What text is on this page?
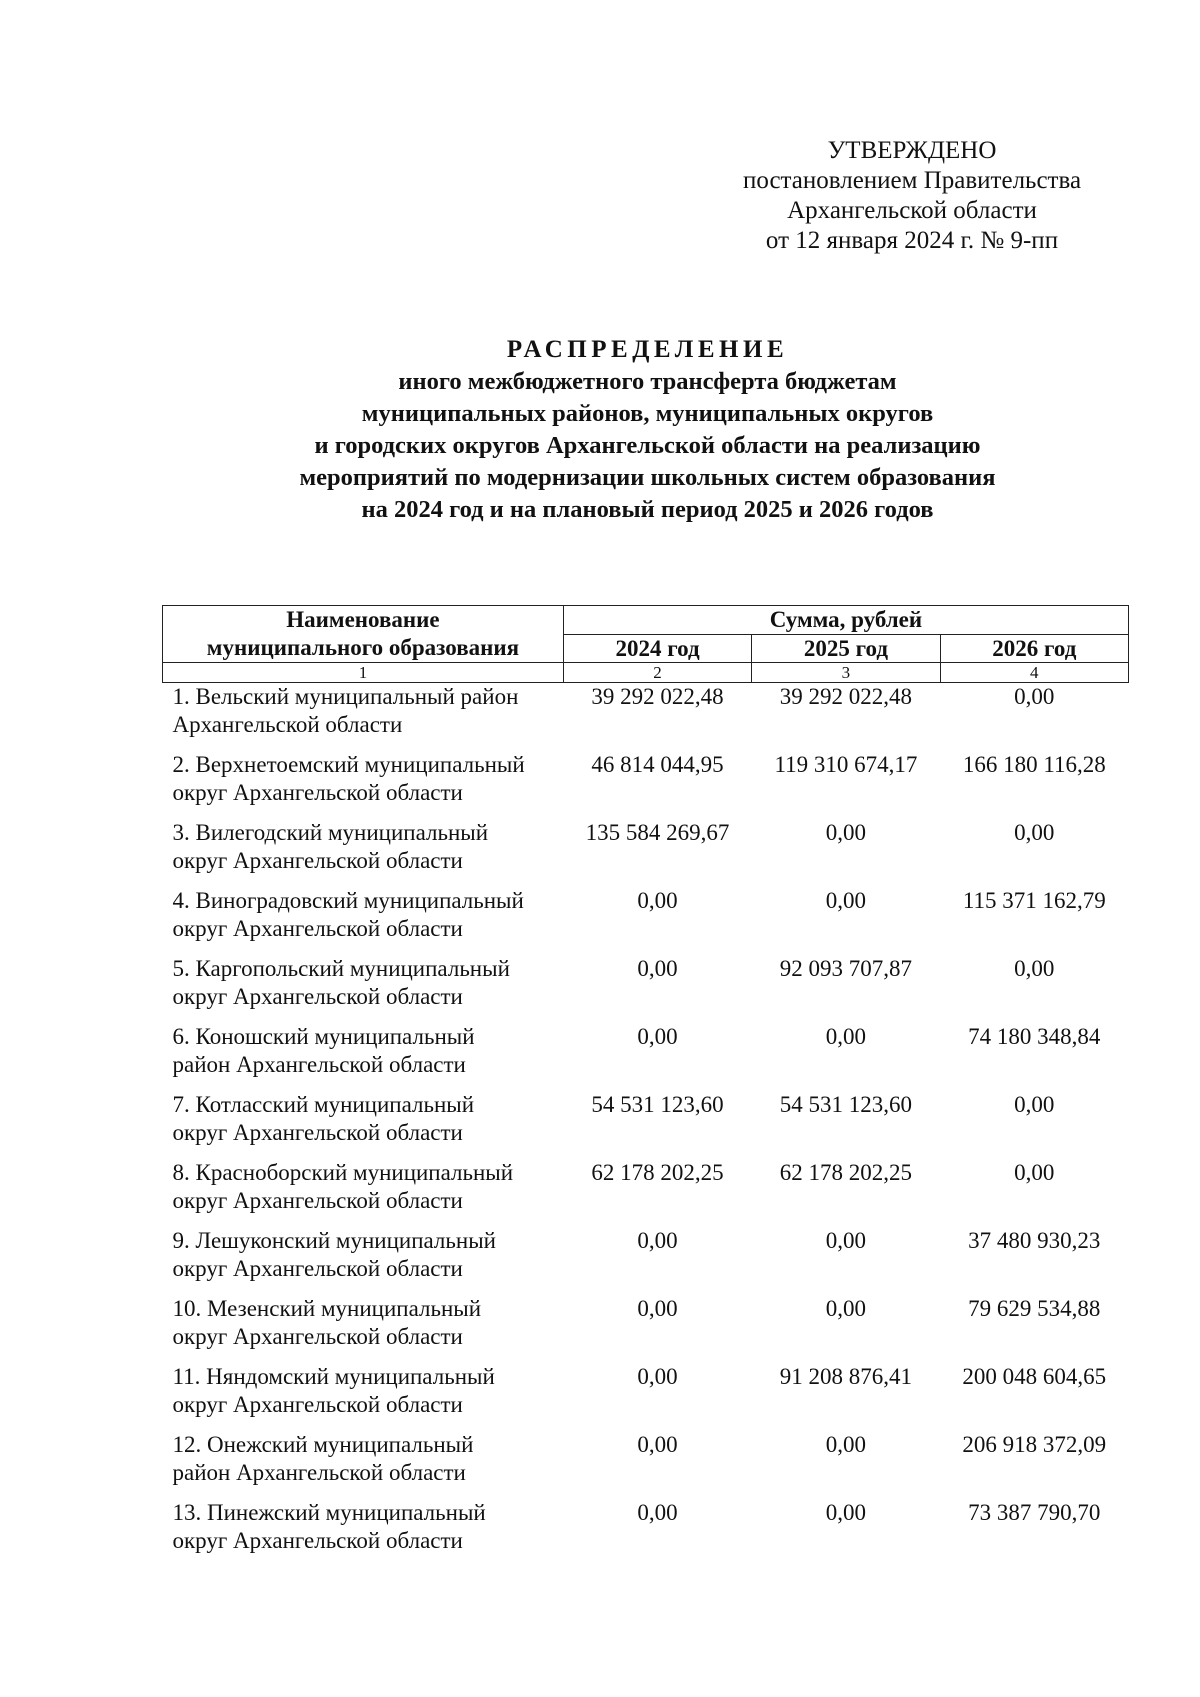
УТВЕРЖДЕНО
постановлением Правительства
Архангельской области
от 12 января 2024 г. № 9-пп
РАСПРЕДЕЛЕНИЕ
иного межбюджетного трансферта бюджетам
муниципальных районов, муниципальных округов
и городских округов Архангельской области на реализацию
мероприятий по модернизации школьных систем образования
на 2024 год и на плановый период 2025 и 2026 годов
Наименование
муниципального образования	Сумма, рублей		
	2024 год	2025 год	2026 год
1	2	3	4

1. Вельский муниципальный район
Архангельской области	39 292 022,48	39 292 022,48	0,00

2. Верхнетоемский муниципальный
округ Архангельской области	46 814 044,95	119 310 674,17	166 180 116,28

3. Вилегодский муниципальный
округ Архангельской области	135 584 269,67	0,00	0,00

4. Виноградовский муниципальный
округ Архангельской области	0,00	0,00	115 371 162,79

5. Каргопольский муниципальный
округ Архангельской области	0,00	92 093 707,87	0,00

6. Коношский муниципальный
район Архангельской области	0,00	0,00	74 180 348,84

7. Котласский муниципальный
округ Архангельской области	54 531 123,60	54 531 123,60	0,00

8. Красноборский муниципальный
округ Архангельской области	62 178 202,25	62 178 202,25	0,00

9. Лешуконский муниципальный
округ Архангельской области	0,00	0,00	37 480 930,23

10. Мезенский муниципальный
округ Архангельской области	0,00	0,00	79 629 534,88

11. Няндомский муниципальный
округ Архангельской области	0,00	91 208 876,41	200 048 604,65

12. Онежский муниципальный
район Архангельской области	0,00	0,00	206 918 372,09

13. Пинежский муниципальный
округ Архангельской области	0,00	0,00	73 387 790,70
